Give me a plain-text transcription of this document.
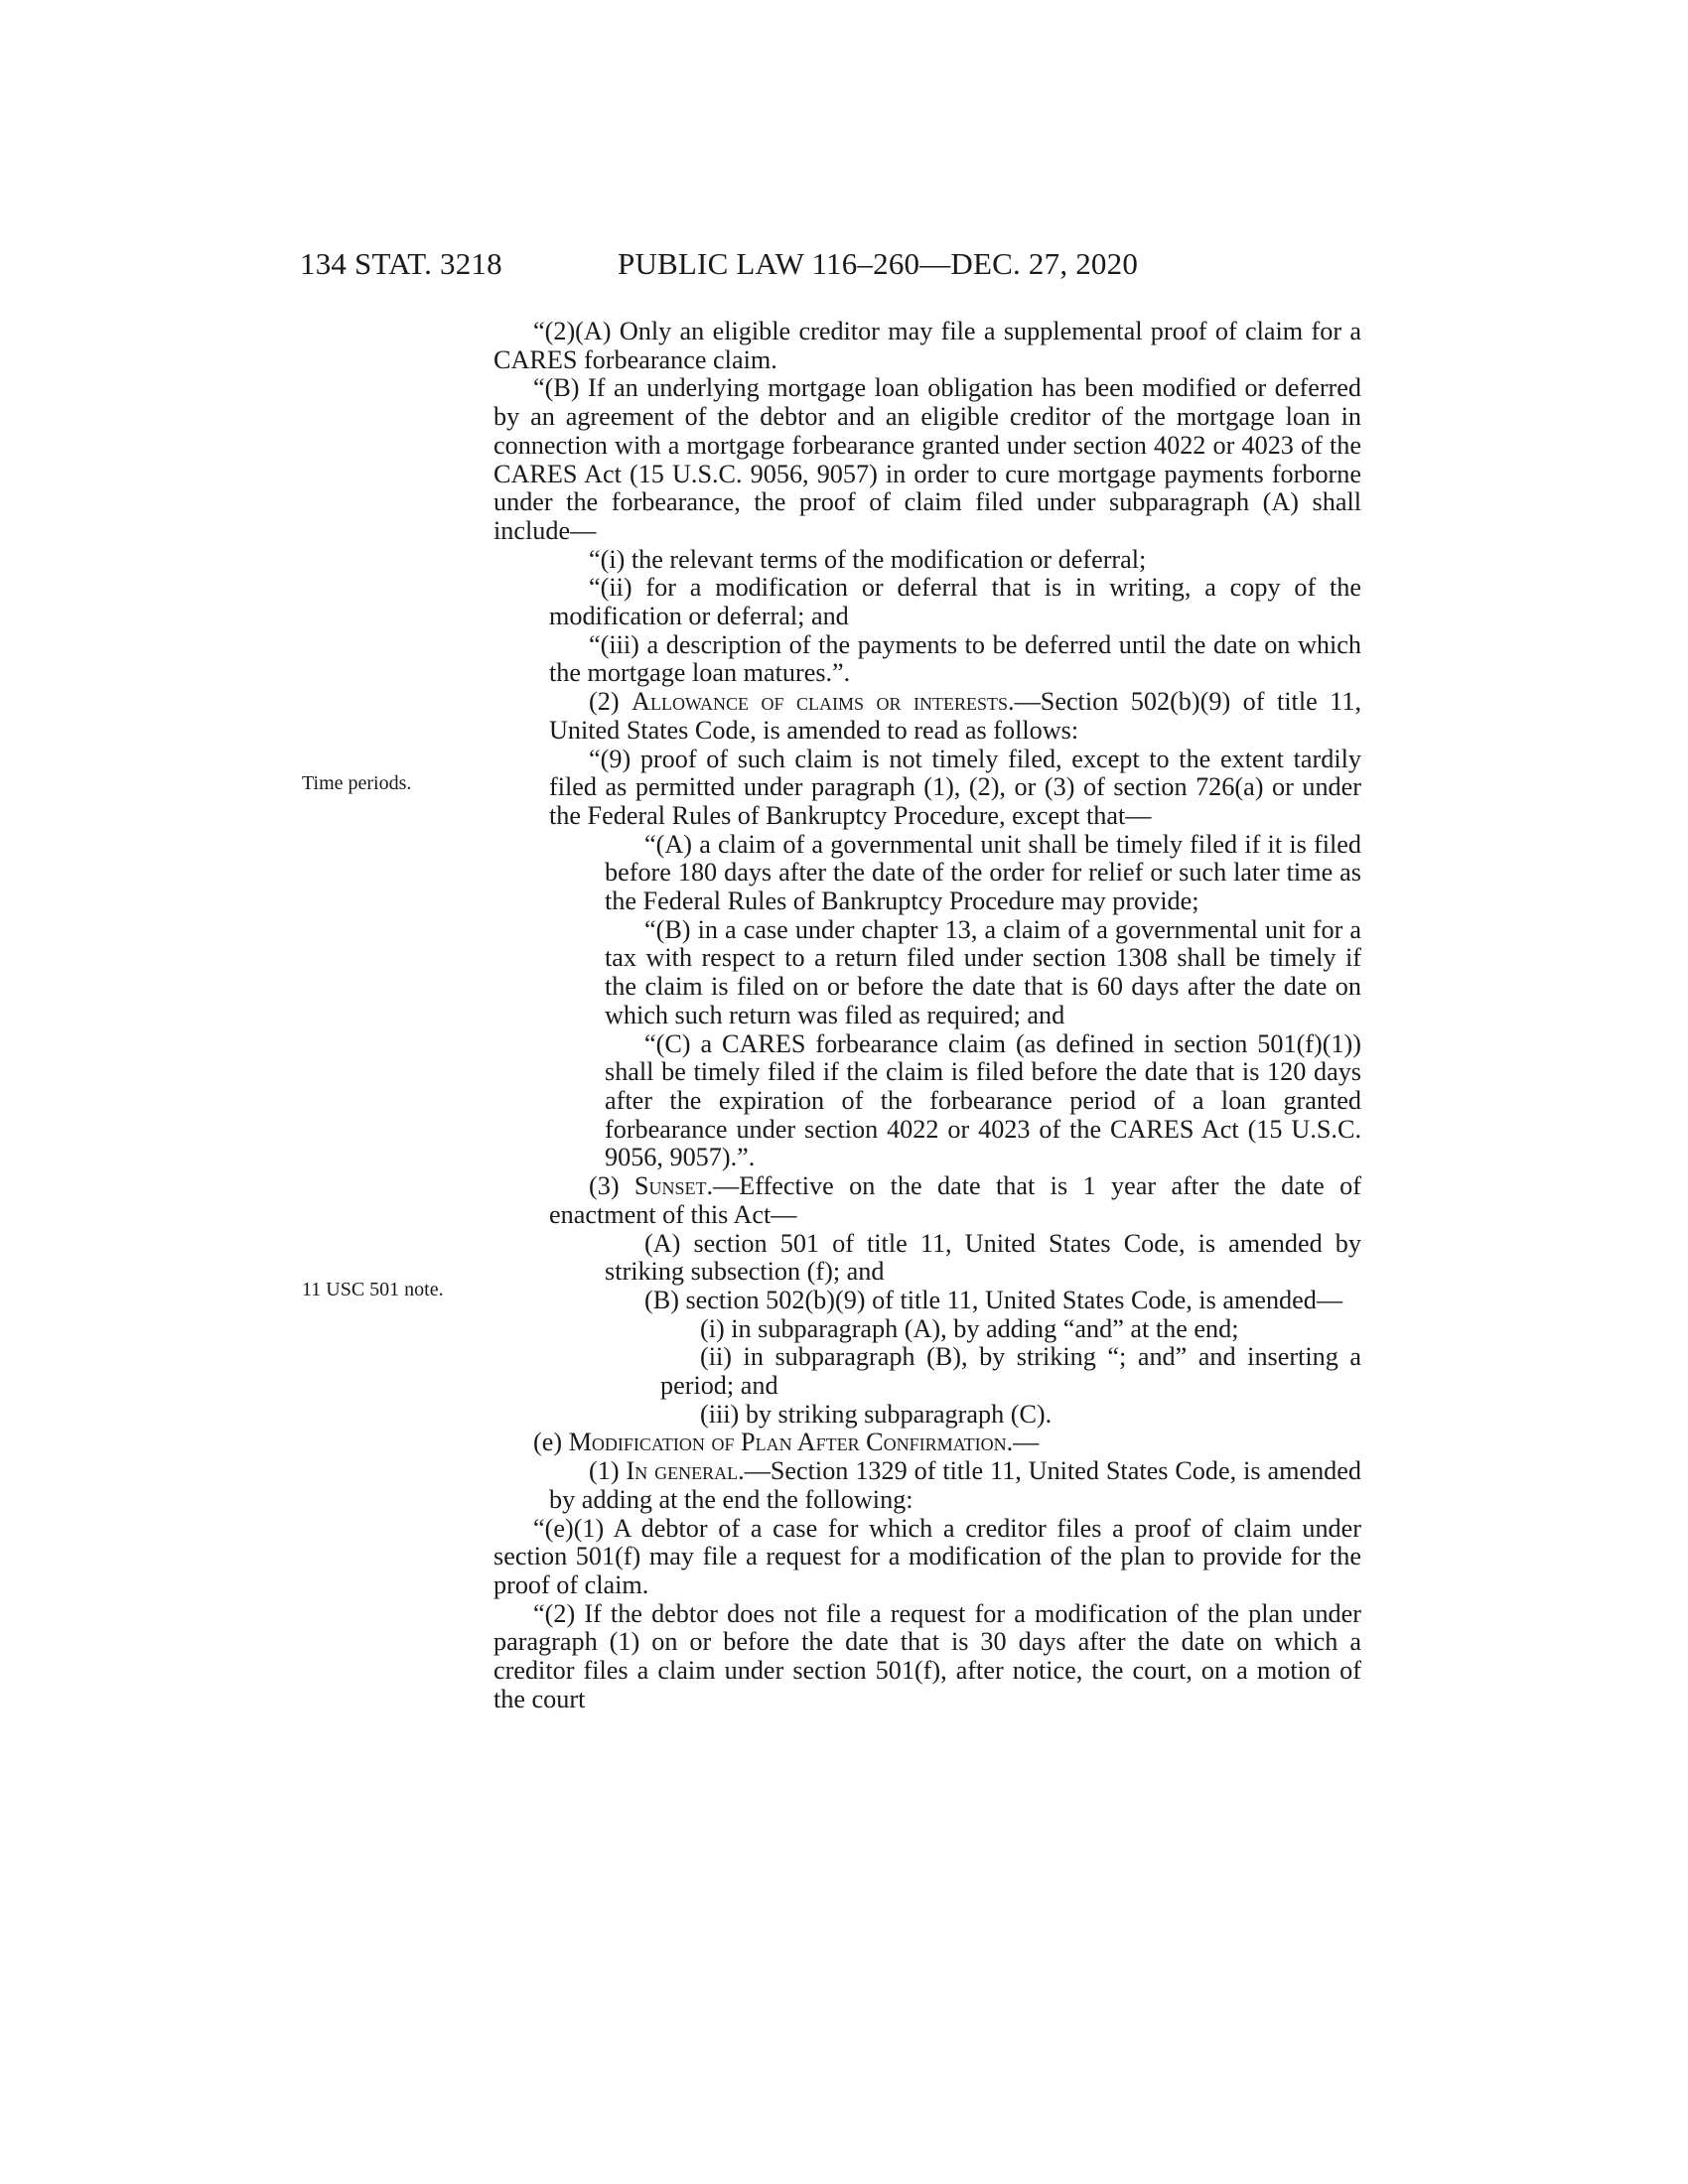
134 STAT. 3218	PUBLIC LAW 116–260—DEC. 27, 2020
Time periods.
11 USC 501 note.

“(2)(A) Only an eligible creditor may file a supplemental proof of claim for a CARES forbearance claim.

“(B) If an underlying mortgage loan obligation has been modified or deferred by an agreement of the debtor and an eligible creditor of the mortgage loan in connection with a mortgage forbearance granted under section 4022 or 4023 of the CARES Act (15 U.S.C. 9056, 9057) in order to cure mortgage payments forborne under the forbearance, the proof of claim filed under subparagraph (A) shall include—

“(i) the relevant terms of the modification or deferral;

“(ii) for a modification or deferral that is in writing, a copy of the modification or deferral; and

“(iii) a description of the payments to be deferred until the date on which the mortgage loan matures.”.

(2) Allowance of claims or interests.—Section 502(b)(9) of title 11, United States Code, is amended to read as follows:

“(9) proof of such claim is not timely filed, except to the extent tardily filed as permitted under paragraph (1), (2), or (3) of section 726(a) or under the Federal Rules of Bankruptcy Procedure, except that—

“(A) a claim of a governmental unit shall be timely filed if it is filed before 180 days after the date of the order for relief or such later time as the Federal Rules of Bankruptcy Procedure may provide;

“(B) in a case under chapter 13, a claim of a governmental unit for a tax with respect to a return filed under section 1308 shall be timely if the claim is filed on or before the date that is 60 days after the date on which such return was filed as required; and

“(C) a CARES forbearance claim (as defined in section 501(f)(1)) shall be timely filed if the claim is filed before the date that is 120 days after the expiration of the forbearance period of a loan granted forbearance under section 4022 or 4023 of the CARES Act (15 U.S.C. 9056, 9057).”.

(3) Sunset.—Effective on the date that is 1 year after the date of enactment of this Act—

(A) section 501 of title 11, United States Code, is amended by striking subsection (f); and

(B) section 502(b)(9) of title 11, United States Code, is amended—

(i) in subparagraph (A), by adding “and” at the end;

(ii) in subparagraph (B), by striking “; and” and inserting a period; and

(iii) by striking subparagraph (C).

(e) Modification of Plan After Confirmation.—

(1) In general.—Section 1329 of title 11, United States Code, is amended by adding at the end the following:

“(e)(1) A debtor of a case for which a creditor files a proof of claim under section 501(f) may file a request for a modification of the plan to provide for the proof of claim.

“(2) If the debtor does not file a request for a modification of the plan under paragraph (1) on or before the date that is 30 days after the date on which a creditor files a claim under section 501(f), after notice, the court, on a motion of the court
